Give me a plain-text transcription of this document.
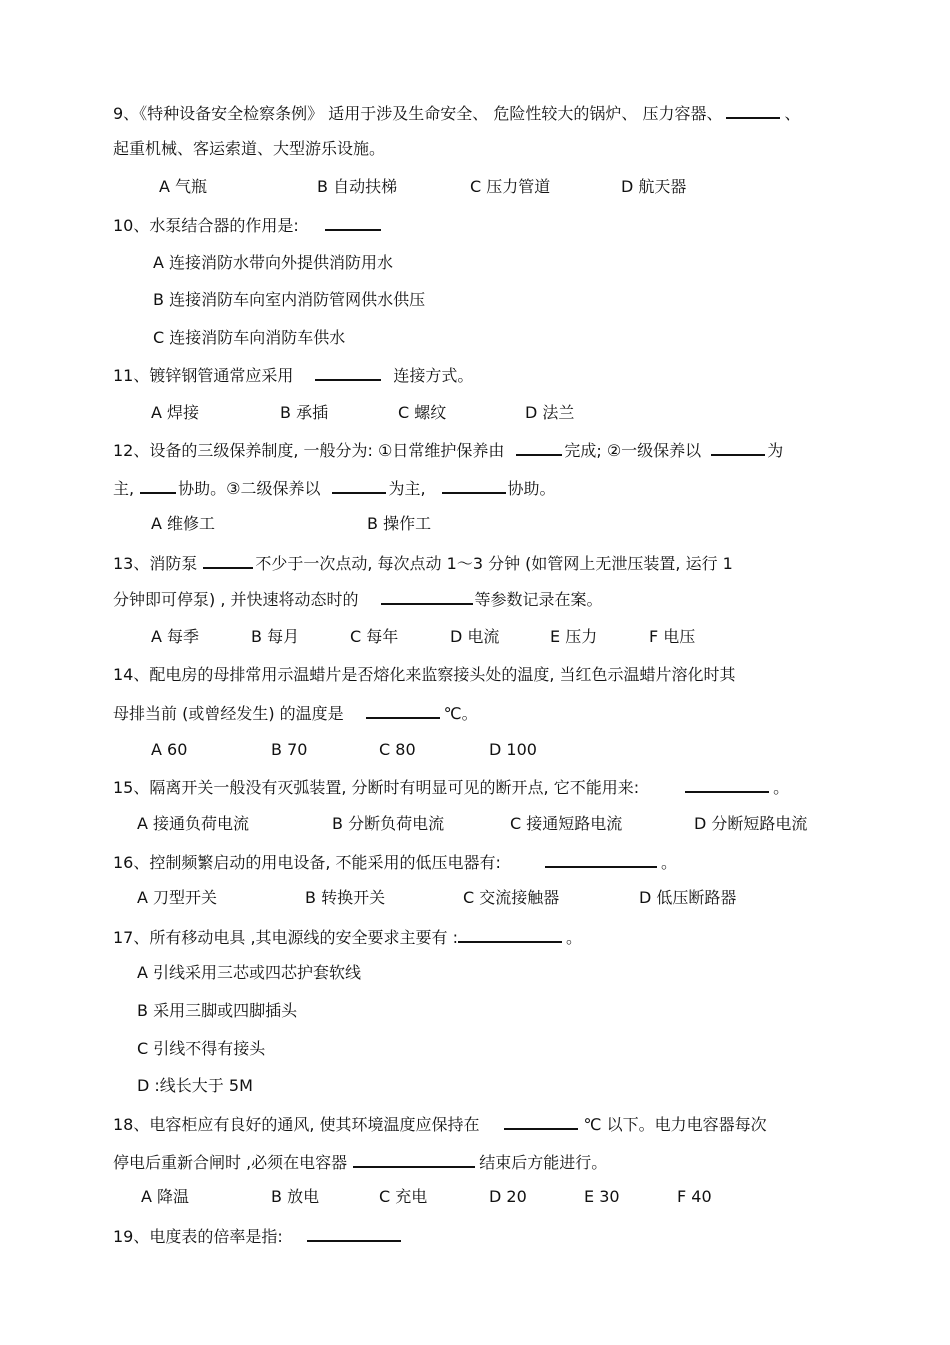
9、《特种设备安全检察条例》 适用于涉及生命安全、 危险性较大的锅炉、 压力容器、	、
起重机械、客运索道、大型游乐设施。
A 气瓶	B 自动扶梯	C 压力管道	D 航天器
10、水泵结合器的作用是:
A 连接消防水带向外提供消防用水
B 连接消防车向室内消防管网供水供压
C 连接消防车向消防车供水
11、镀锌钢管通常应采用	连接方式。
A 焊接	B 承插	C 螺纹	D 法兰
12、设备的三级保养制度, 一般分为: ①日常维护保养由	完成; ②一级保养以	为
主,	协助。③二级保养以	为主,	协助。
A 维修工	B 操作工
13、消防泵	不少于一次点动, 每次点动 1～3 分钟 (如管网上无泄压装置, 运行 1
分钟即可停泵) , 并快速将动态时的	等参数记录在案。
A 每季	B 每月	C 每年	D 电流	E 压力	F 电压
14、配电房的母排常用示温蜡片是否熔化来监察接头处的温度, 当红色示温蜡片溶化时其
母排当前 (或曾经发生) 的温度是	℃。
A 60	B 70	C 80	D 100
15、隔离开关一般没有灭弧装置, 分断时有明显可见的断开点, 它不能用来:	。
A 接通负荷电流	B 分断负荷电流	C 接通短路电流	D 分断短路电流
16、控制频繁启动的用电设备, 不能采用的低压电器有:	。
A 刀型开关	B 转换开关	C 交流接触器	D 低压断路器
17、所有移动电具 ,其电源线的安全要求主要有 :	。
A 引线采用三芯或四芯护套软线
B 采用三脚或四脚插头
C 引线不得有接头
D :线长大于 5M
18、电容柜应有良好的通风, 使其环境温度应保持在	℃ 以下。电力电容器每次
停电后重新合闸时 ,必须在电容器	结束后方能进行。
A 降温	B 放电	C 充电	D 20	E 30	F 40
19、电度表的倍率是指:
